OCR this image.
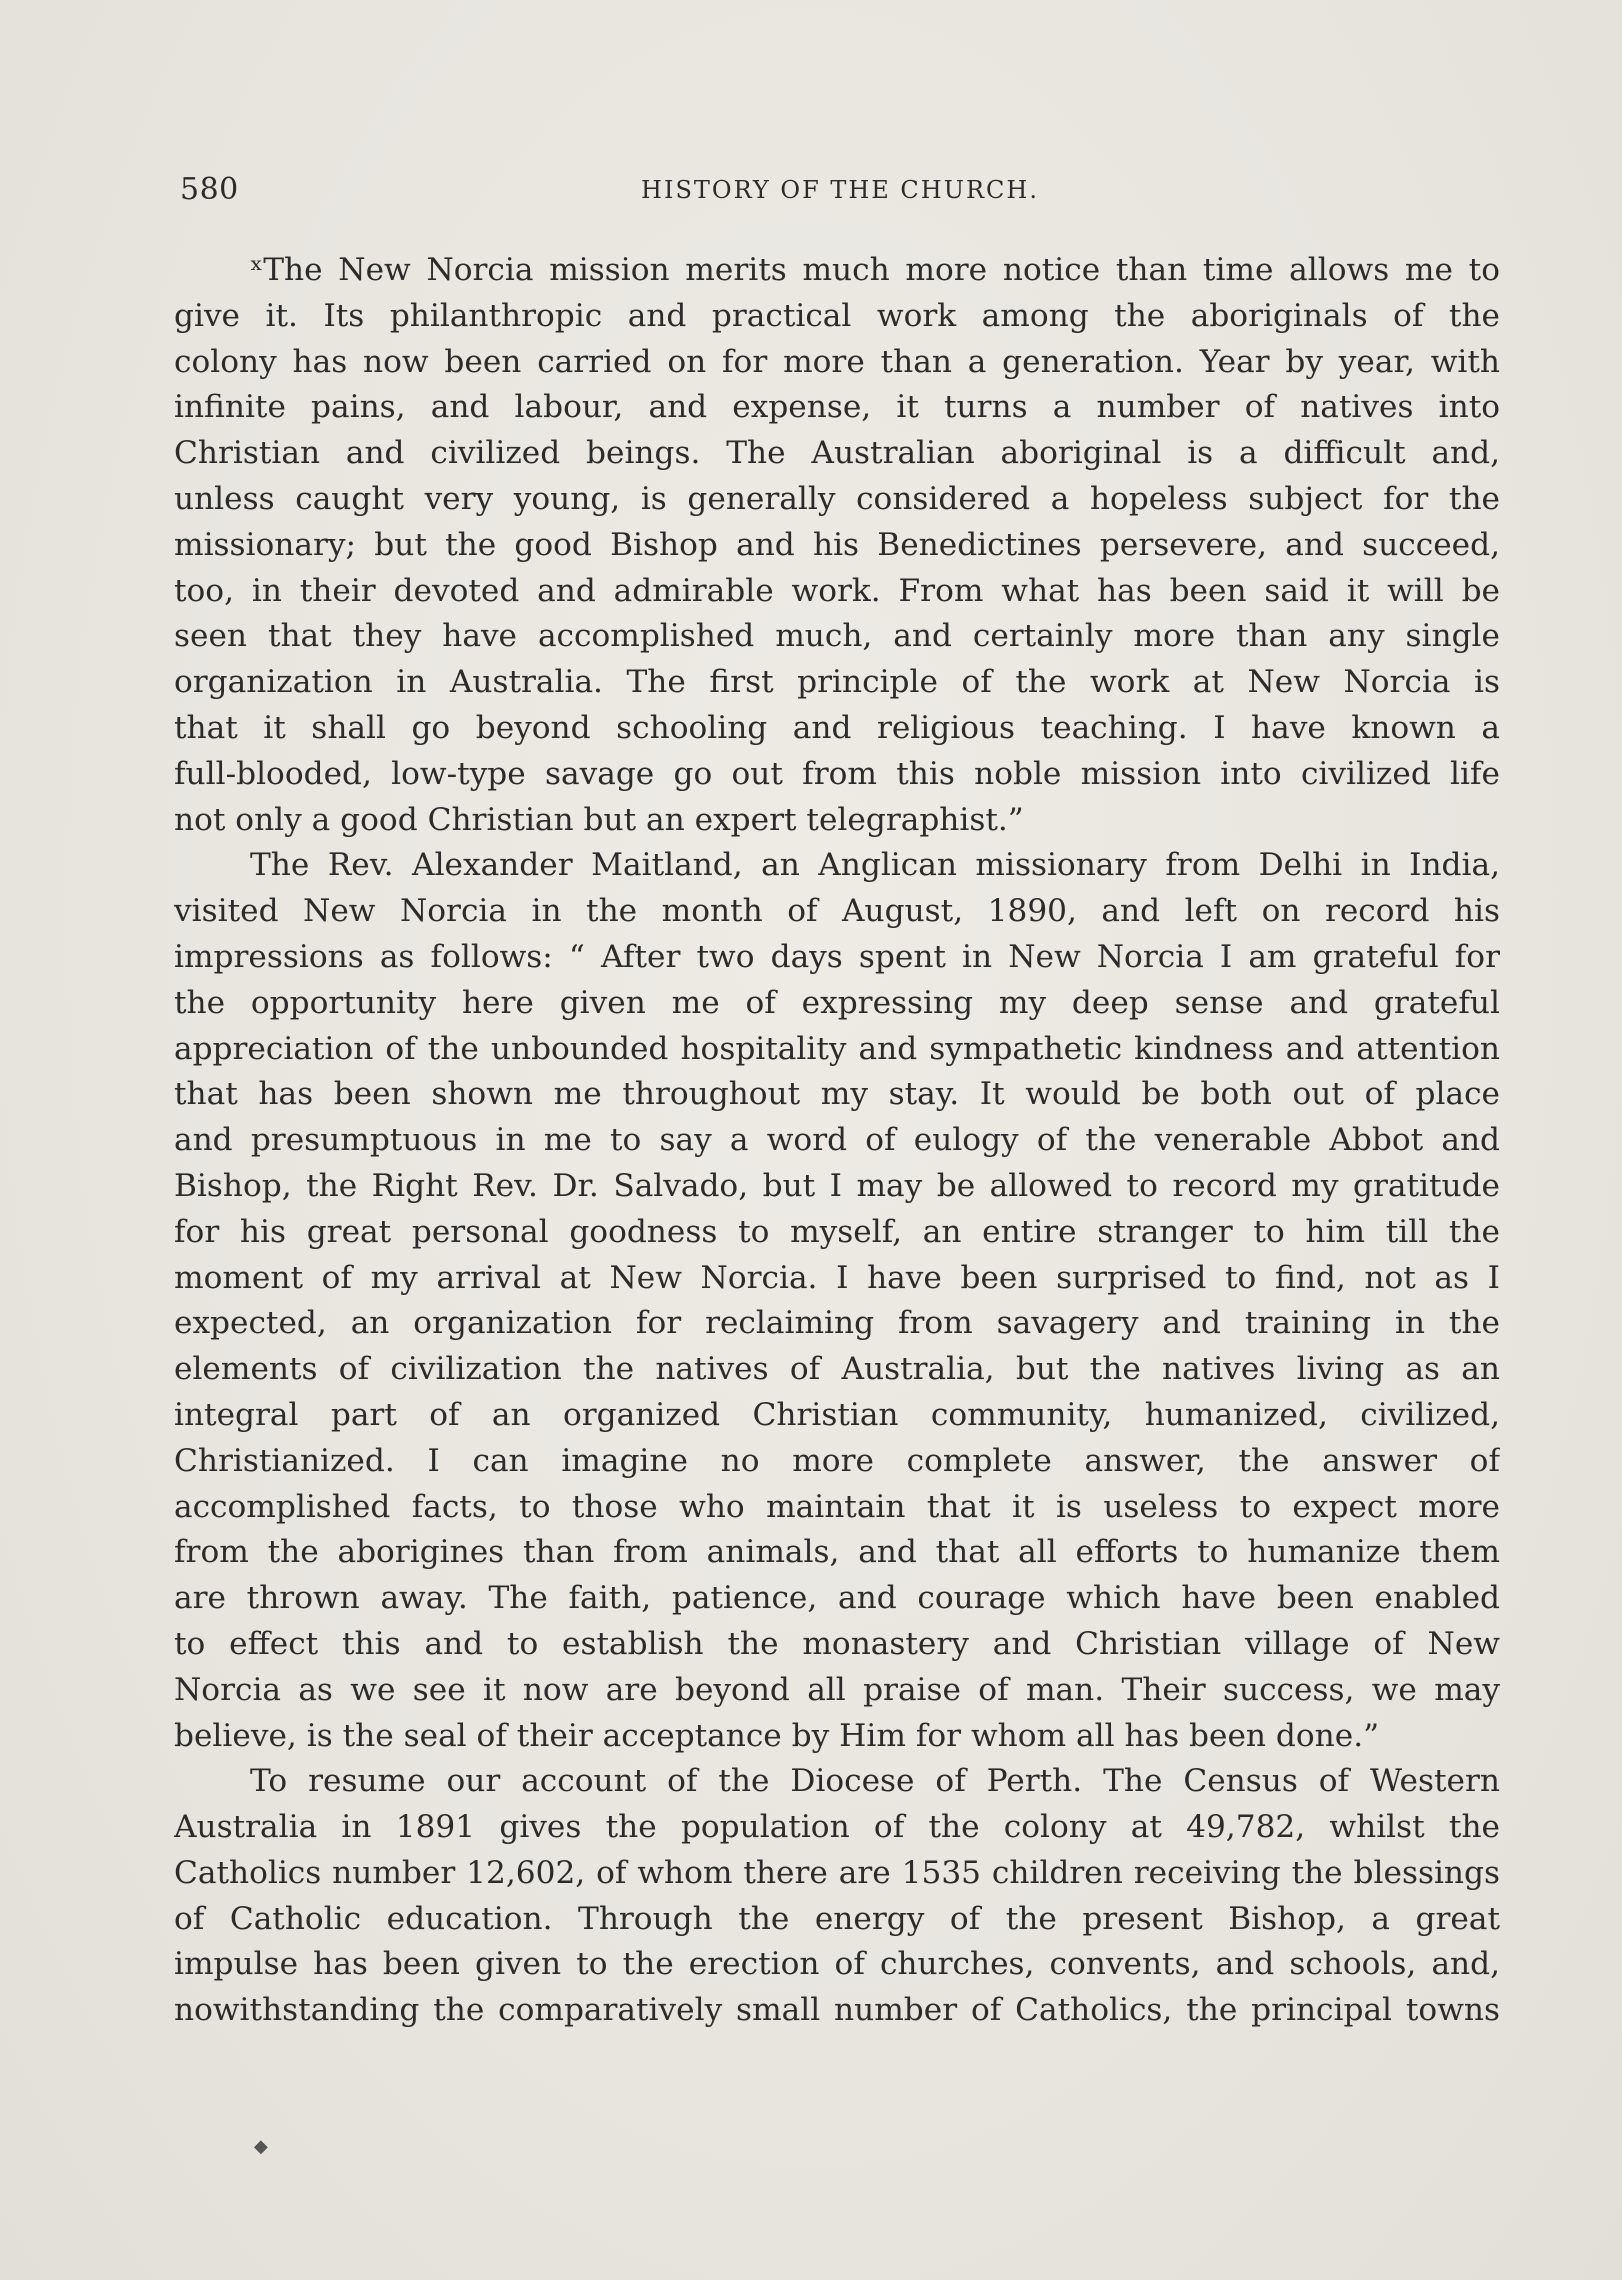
580	HISTORY OF THE CHURCH.
ˣThe New Norcia mission merits much more notice than time allows me to
give it. Its philanthropic and practical work among the aboriginals of the
colony has now been carried on for more than a generation. Year by year, with
infinite pains, and labour, and expense, it turns a number of natives into
Christian and civilized beings. The Australian aboriginal is a difficult and,
unless caught very young, is generally considered a hopeless subject for the
missionary; but the good Bishop and his Benedictines persevere, and succeed,
too, in their devoted and admirable work. From what has been said it will be
seen that they have accomplished much, and certainly more than any single
organization in Australia. The first principle of the work at New Norcia is
that it shall go beyond schooling and religious teaching. I have known a
full-blooded, low-type savage go out from this noble mission into civilized life
not only a good Christian but an expert telegraphist.”
The Rev. Alexander Maitland, an Anglican missionary from Delhi in India,
visited New Norcia in the month of August, 1890, and left on record his
impressions as follows: “ After two days spent in New Norcia I am grateful for
the opportunity here given me of expressing my deep sense and grateful
appreciation of the unbounded hospitality and sympathetic kindness and attention
that has been shown me throughout my stay. It would be both out of place
and presumptuous in me to say a word of eulogy of the venerable Abbot and
Bishop, the Right Rev. Dr. Salvado, but I may be allowed to record my gratitude
for his great personal goodness to myself, an entire stranger to him till the
moment of my arrival at New Norcia. I have been surprised to find, not as I
expected, an organization for reclaiming from savagery and training in the
elements of civilization the natives of Australia, but the natives living as an
integral part of an organized Christian community, humanized, civilized,
Christianized. I can imagine no more complete answer, the answer of
accomplished facts, to those who maintain that it is useless to expect more
from the aborigines than from animals, and that all efforts to humanize them
are thrown away. The faith, patience, and courage which have been enabled
to effect this and to establish the monastery and Christian village of New
Norcia as we see it now are beyond all praise of man. Their success, we may
believe, is the seal of their acceptance by Him for whom all has been done.”
To resume our account of the Diocese of Perth. The Census of Western
Australia in 1891 gives the population of the colony at 49,782, whilst the
Catholics number 12,602, of whom there are 1535 children receiving the blessings
of Catholic education. Through the energy of the present Bishop, a great
impulse has been given to the erection of churches, convents, and schools, and,
nowithstanding the comparatively small number of Catholics, the principal towns
◆
